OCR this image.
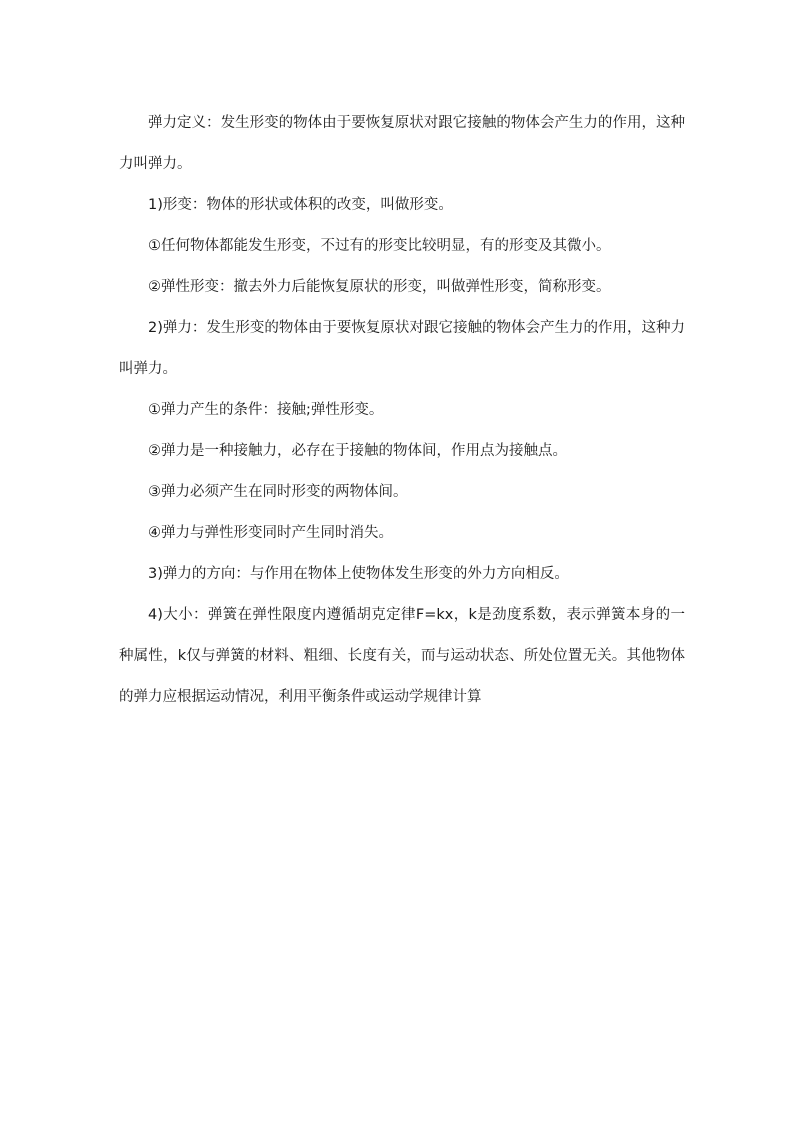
弹力定义：发生形变的物体由于要恢复原状对跟它接触的物体会产生力的作用，这种力叫弹力。

1)形变：物体的形状或体积的改变，叫做形变。

①任何物体都能发生形变，不过有的形变比较明显，有的形变及其微小。

②弹性形变：撤去外力后能恢复原状的形变，叫做弹性形变，简称形变。

2)弹力：发生形变的物体由于要恢复原状对跟它接触的物体会产生力的作用，这种力叫弹力。

①弹力产生的条件：接触;弹性形变。

②弹力是一种接触力，必存在于接触的物体间，作用点为接触点。

③弹力必须产生在同时形变的两物体间。

④弹力与弹性形变同时产生同时消失。

3)弹力的方向：与作用在物体上使物体发生形变的外力方向相反。

4)大小：弹簧在弹性限度内遵循胡克定律F=kx，k是劲度系数，表示弹簧本身的一种属性，k仅与弹簧的材料、粗细、长度有关，而与运动状态、所处位置无关。其他物体的弹力应根据运动情况，利用平衡条件或运动学规律计算
